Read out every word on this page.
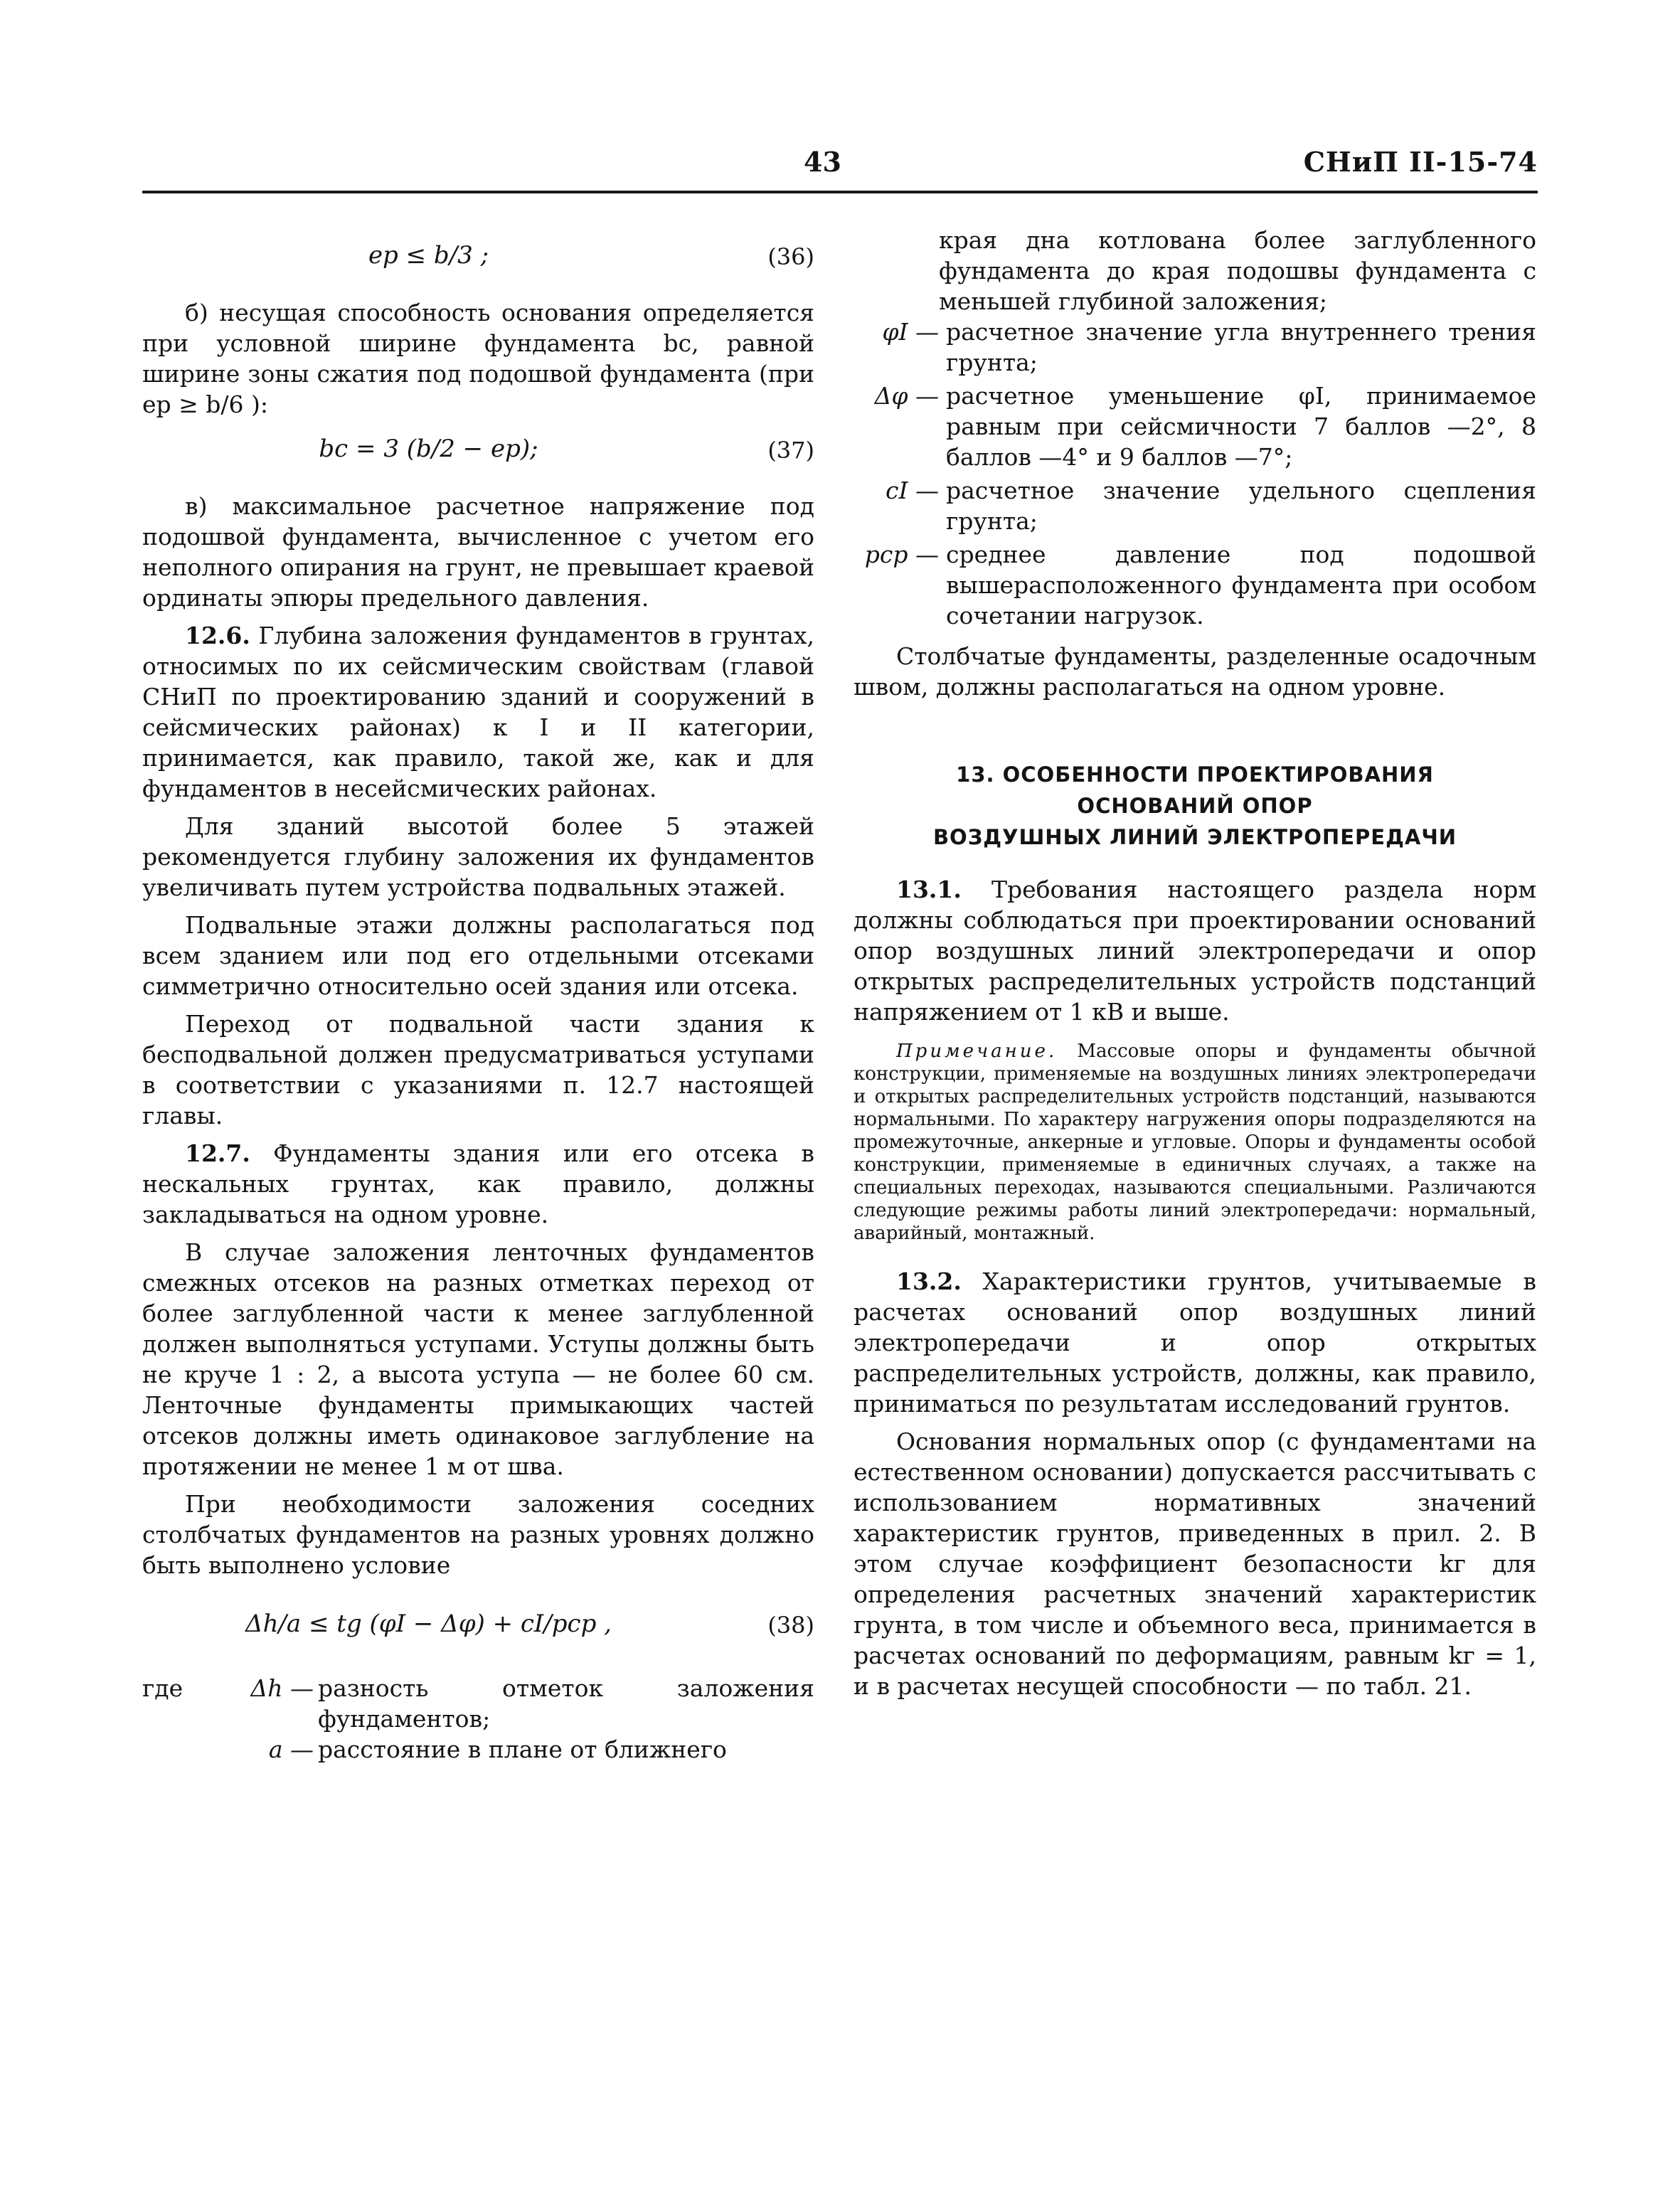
43	СНиП II-15-74
eр ≤ b/3 ;	(36)

б) несущая способность основания определяется при условной ширине фундамента bс, равной ширине зоны сжатия под подошвой фундамента (при eр ≥ b/6 ):

bс = 3 (b/2 − eр);	(37)

в) максимальное расчетное напряжение под подошвой фундамента, вычисленное с учетом его неполного опирания на грунт, не превышает краевой ординаты эпюры предельного давления.

12.6. Глубина заложения фундаментов в грунтах, относимых по их сейсмическим свойствам (главой СНиП по проектированию зданий и сооружений в сейсмических районах) к I и II категории, принимается, как правило, такой же, как и для фундаментов в несейсмических районах.

Для зданий высотой более 5 этажей рекомендуется глубину заложения их фундаментов увеличивать путем устройства подвальных этажей.

Подвальные этажи должны располагаться под всем зданием или под его отдельными отсеками симметрично относительно осей здания или отсека.

Переход от подвальной части здания к бесподвальной должен предусматриваться уступами в соответствии с указаниями п. 12.7 настоящей главы.

12.7. Фундаменты здания или его отсека в нескальных грунтах, как правило, должны закладываться на одном уровне.

В случае заложения ленточных фундаментов смежных отсеков на разных отметках переход от более заглубленной части к менее заглубленной должен выполняться уступами. Уступы должны быть не круче 1 : 2, а высота уступа — не более 60 см. Ленточные фундаменты примыкающих частей отсеков должны иметь одинаковое заглубление на протяжении не менее 1 м от шва.

При необходимости заложения соседних столбчатых фундаментов на разных уровнях должно быть выполнено условие

Δh/a ≤ tg (φI − Δφ) + cI/pср ,	(38)
где	Δh — разность отметок заложения фундаментов;
a — расстояние в плане от ближнего
края дна котлована более заглубленного фундамента до края подошвы фундамента с меньшей глубиной заложения;
φI — расчетное значение угла внутреннего трения грунта;
Δφ — расчетное уменьшение φI, принимаемое равным при сейсмичности 7 баллов —2°, 8 баллов —4° и 9 баллов —7°;
cI — расчетное значение удельного сцепления грунта;
pср — среднее давление под подошвой вышерасположенного фундамента при особом сочетании нагрузок.

Столбчатые фундаменты, разделенные осадочным швом, должны располагаться на одном уровне.

13. ОСОБЕННОСТИ ПРОЕКТИРОВАНИЯ
ОСНОВАНИЙ ОПОР
ВОЗДУШНЫХ ЛИНИЙ ЭЛЕКТРОПЕРЕДАЧИ

13.1. Требования настоящего раздела норм должны соблюдаться при проектировании оснований опор воздушных линий электропередачи и опор открытых распределительных устройств подстанций напряжением от 1 кВ и выше.

Примечание. Массовые опоры и фундаменты обычной конструкции, применяемые на воздушных линиях электропередачи и открытых распределительных устройств подстанций, называются нормальными. По характеру нагружения опоры подразделяются на промежуточные, анкерные и угловые. Опоры и фундаменты особой конструкции, применяемые в единичных случаях, а также на специальных переходах, называются специальными. Различаются следующие режимы работы линий электропередачи: нормальный, аварийный, монтажный.

13.2. Характеристики грунтов, учитываемые в расчетах оснований опор воздушных линий электропередачи и опор открытых распределительных устройств, должны, как правило, приниматься по результатам исследований грунтов.

Основания нормальных опор (с фундаментами на естественном основании) допускается рассчитывать с использованием нормативных значений характеристик грунтов, приведенных в прил. 2. В этом случае коэффициент безопасности kг для определения расчетных значений характеристик грунта, в том числе и объемного веса, принимается в расчетах оснований по деформациям, равным kг = 1, и в расчетах несущей способности — по табл. 21.
